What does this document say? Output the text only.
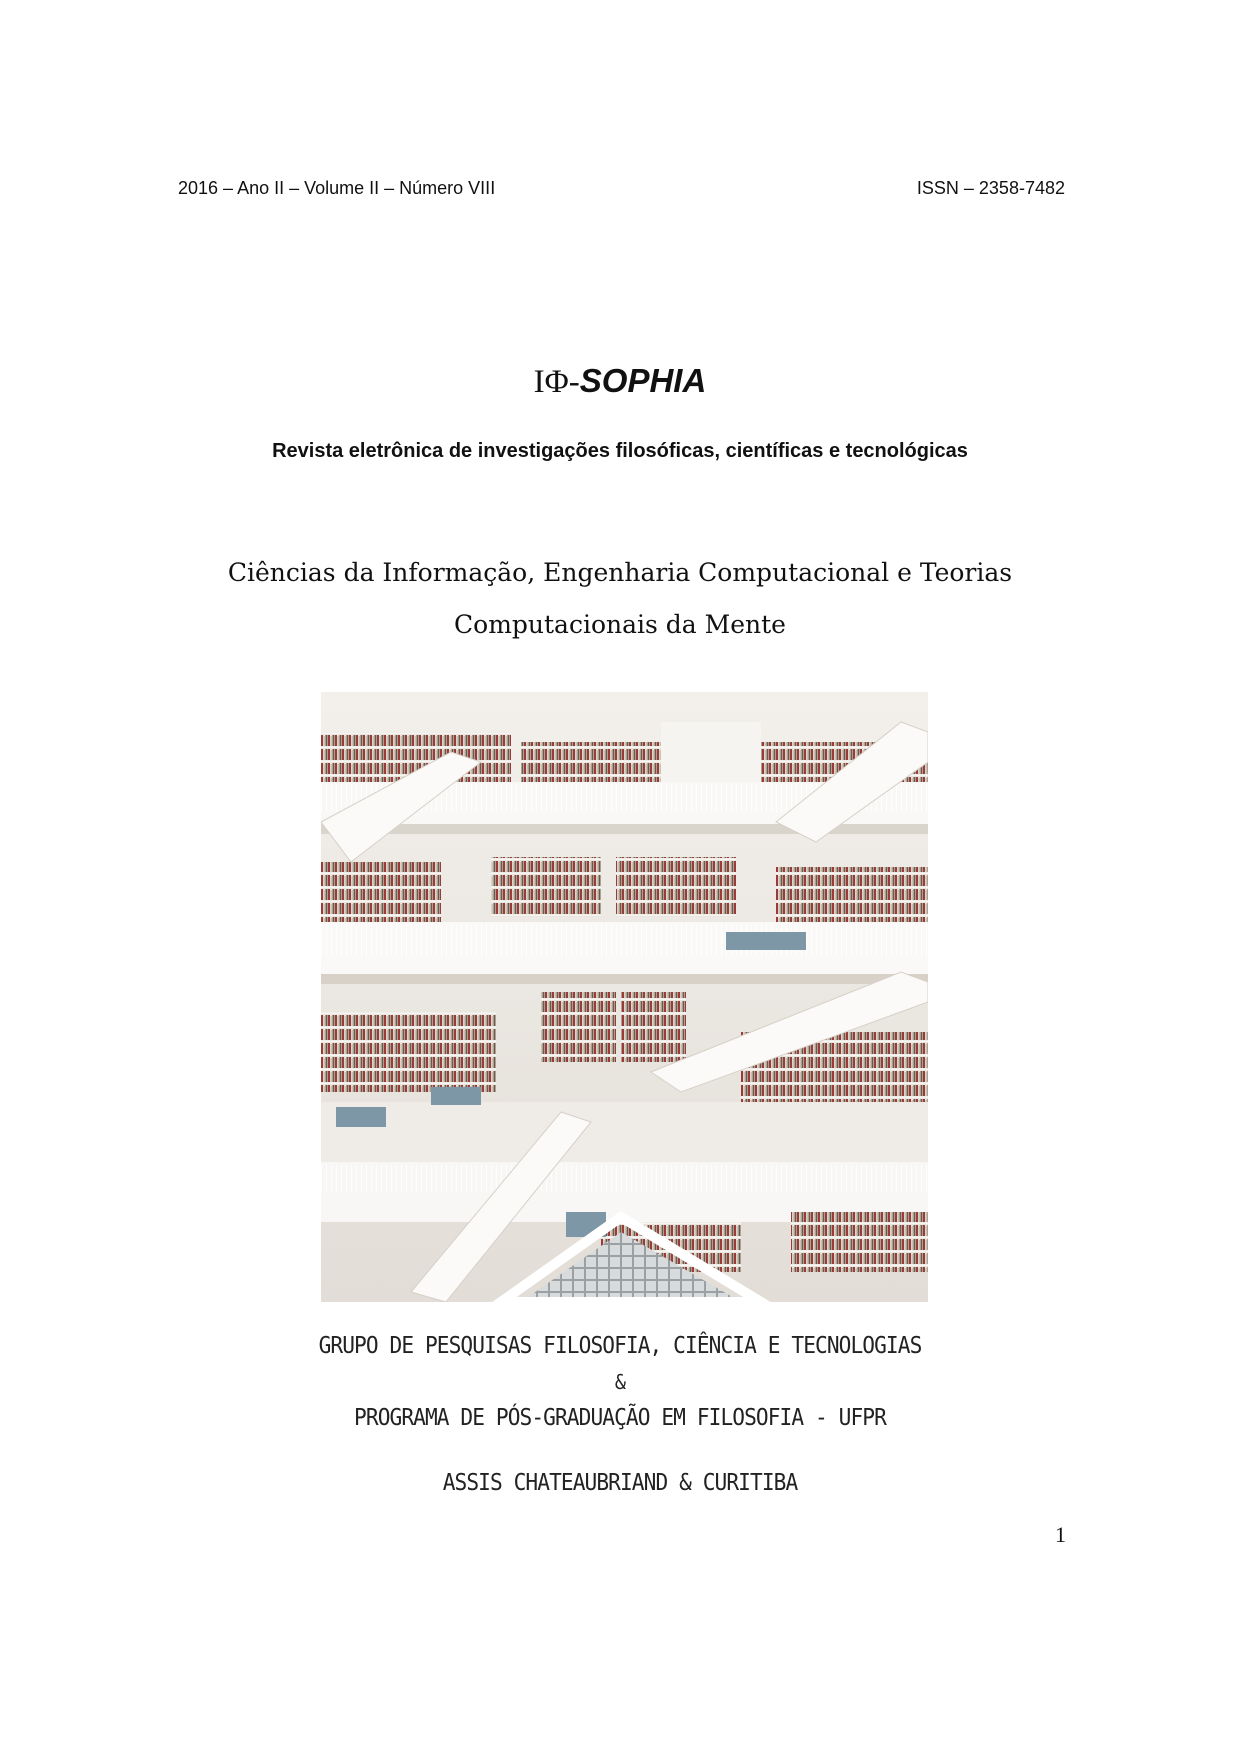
2016 – Ano II – Volume II – Número VIII	ISSN – 2358-7482
IΦ-SOPHIA
Revista eletrônica de investigações filosóficas, científicas e tecnológicas
Ciências da Informação, Engenharia Computacional e Teorias
Computacionais da Mente
GRUPO DE PESQUISAS FILOSOFIA, CIÊNCIA E TECNOLOGIAS
&
PROGRAMA DE PÓS-GRADUAÇÃO EM FILOSOFIA - UFPR
ASSIS CHATEAUBRIAND & CURITIBA
1
